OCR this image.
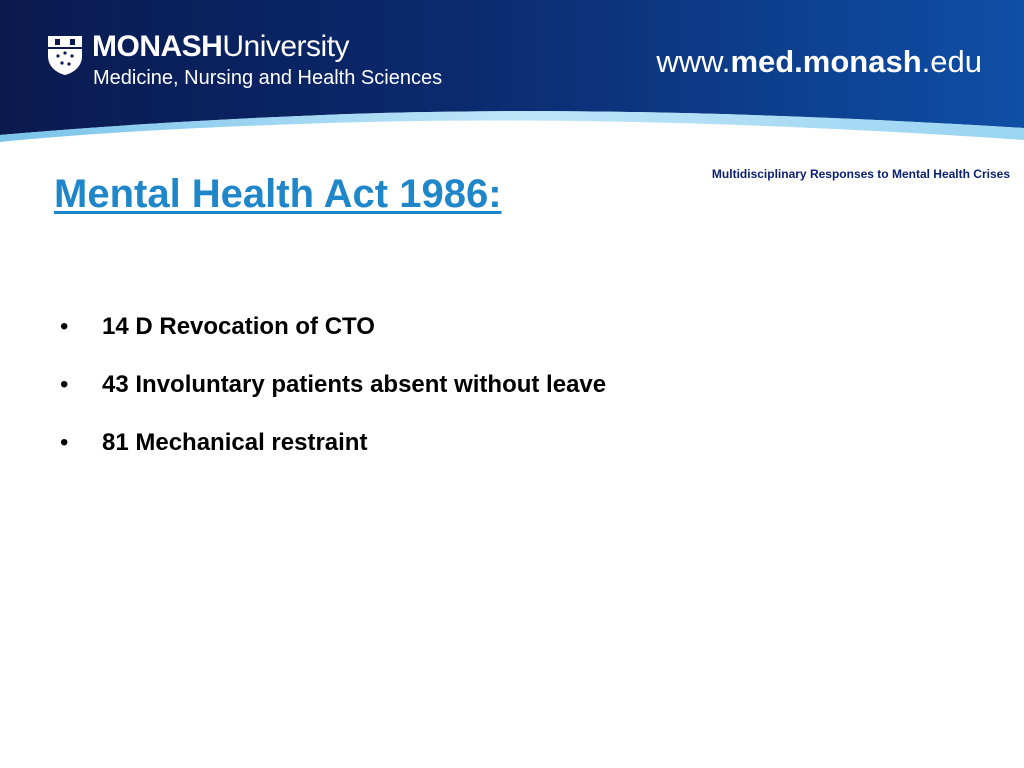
MONASHUniversity
Medicine, Nursing and Health Sciences	www.med.monash.edu
Multidisciplinary Responses to Mental Health Crises
Mental Health Act 1986:
• 14 D Revocation of CTO
• 43 Involuntary patients absent without leave
• 81 Mechanical restraint
